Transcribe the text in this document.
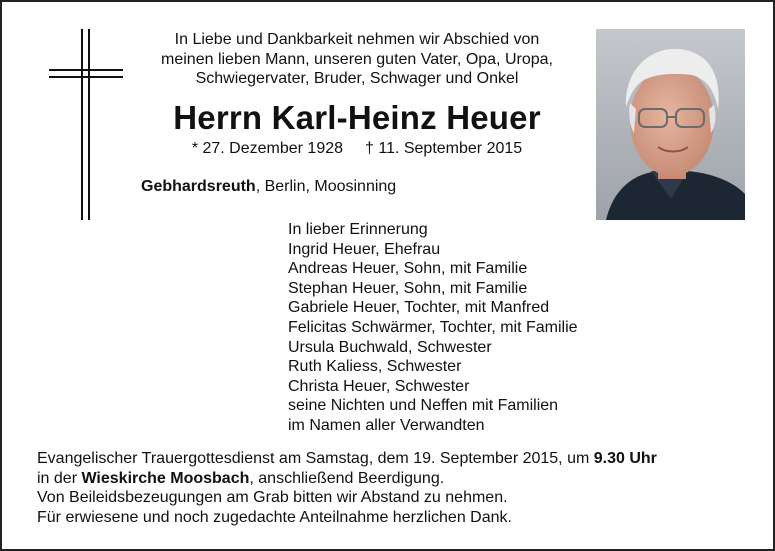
In Liebe und Dankbarkeit nehmen wir Abschied von
meinen lieben Mann, unseren guten Vater, Opa, Uropa,
Schwiegervater, Bruder, Schwager und Onkel
Herrn Karl-Heinz Heuer
* 27. Dezember 1928 † 11. September 2015
Gebhardsreuth, Berlin, Moosinning
In lieber Erinnerung
Ingrid Heuer, Ehefrau
Andreas Heuer, Sohn, mit Familie
Stephan Heuer, Sohn, mit Familie
Gabriele Heuer, Tochter, mit Manfred
Felicitas Schwärmer, Tochter, mit Familie
Ursula Buchwald, Schwester
Ruth Kaliess, Schwester
Christa Heuer, Schwester
seine Nichten und Neffen mit Familien
im Namen aller Verwandten
Evangelischer Trauergottesdienst am Samstag, dem 19. September 2015, um 9.30 Uhr
in der Wieskirche Moosbach, anschließend Beerdigung.
Von Beileidsbezeugungen am Grab bitten wir Abstand zu nehmen.
Für erwiesene und noch zugedachte Anteilnahme herzlichen Dank.
